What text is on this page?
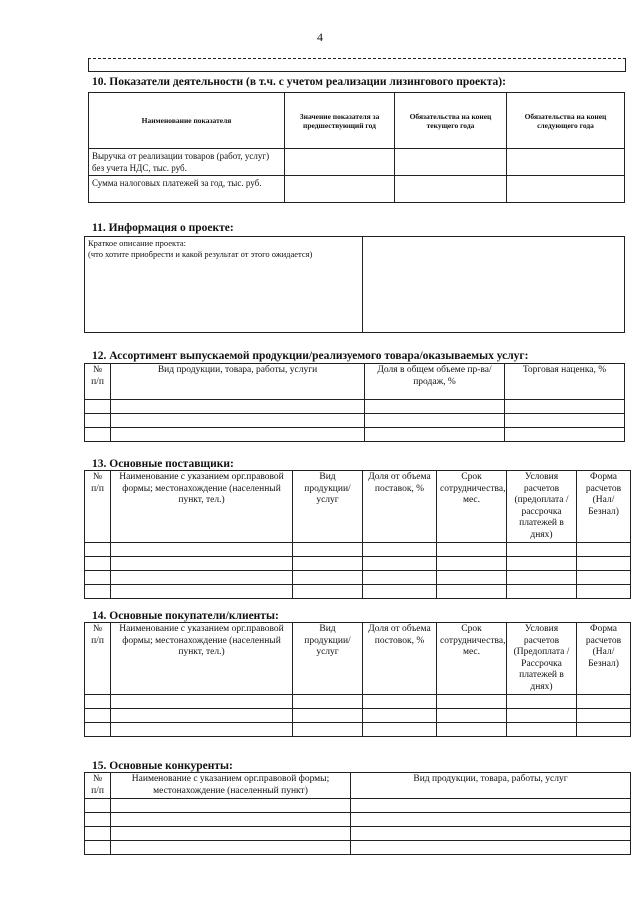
4
10. Показатели деятельности (в т.ч. с учетом реализации лизингового проекта):
Наименование показателя	Значение показателя за предшествующий год	Обязательства на конец текущего года	Обязательства на конец следующего года
Выручка от реализации товаров (работ, услуг) без учета НДС, тыс. руб.			
Сумма налоговых платежей за год, тыс. руб.			
11. Информация о проекте:
Краткое описание проекта:
(что хотите приобрести и какой результат от этого ожидается)

12. Ассортимент выпускаемой продукции/реализуемого товара/оказываемых услуг:
№ п/п	Вид продукции, товара, работы, услуги	Доля в общем объеме пр-ва/продаж, %	Торговая наценка, %

13. Основные поставщики:
№ п/п	Наименование с указанием орг.правовой формы; местонахождение (населенный пункт, тел.)	Вид продукции/ услуг	Доля от объема поставок, %	Срок сотрудничества, мес.	Условия расчетов (предоплата / рассрочка платежей в днях)	Форма расчетов (Нал/Безнал)

14. Основные покупатели/клиенты:
№ п/п	Наименование с указанием орг.правовой формы; местонахождение (населенный пункт, тел.)	Вид продукции/ услуг	Доля от объема постовок, %	Срок сотрудничества, мес.	Условия расчетов (Предоплата / Рассрочка платежей в днях)	Форма расчетов (Нал/Безнал)

15. Основные конкуренты:
№ п/п	Наименование с указанием орг.правовой формы; местонахождение (населенный пункт)	Вид продукции, товара, работы, услуг
